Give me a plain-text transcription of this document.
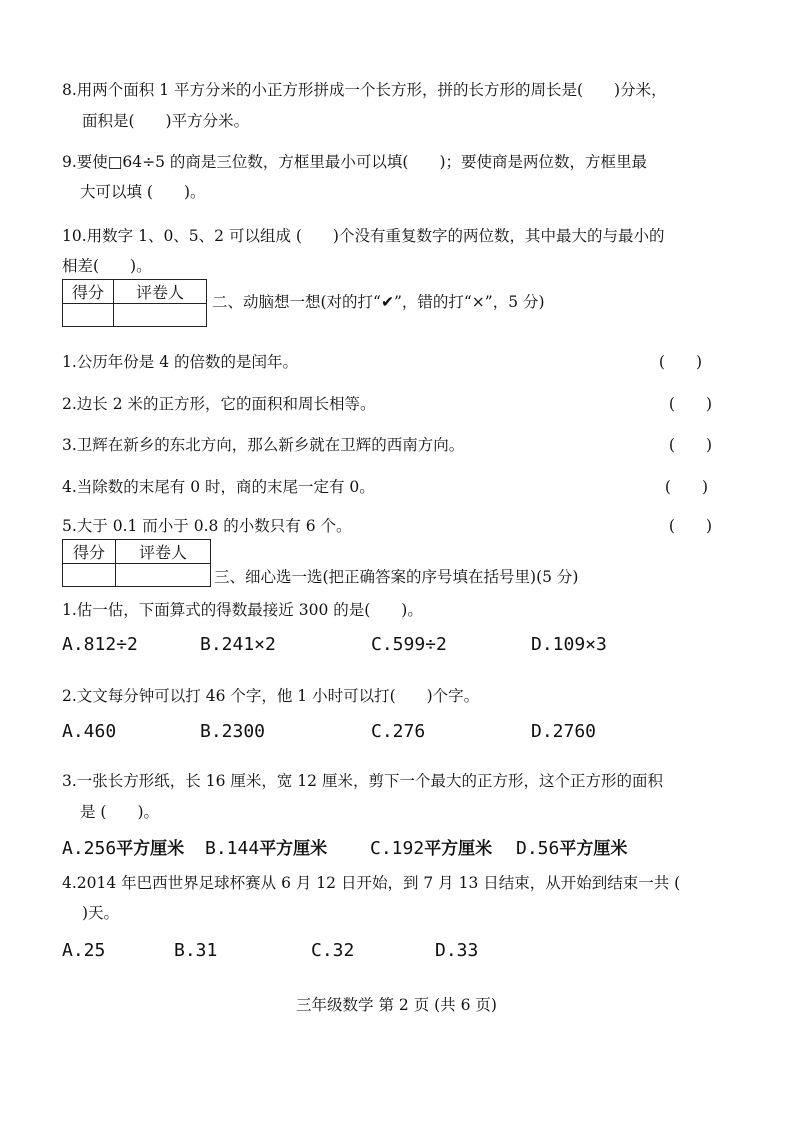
8.用两个面积 1 平方分米的小正方形拼成一个长方形，拼的长方形的周长是(　　)分米，
面积是(　　)平方分米。
9.要使□64÷5 的商是三位数，方框里最小可以填(　　)；要使商是两位数，方框里最
大可以填 (　　)。
10.用数字 1、0、5、2 可以组成 (　　)个没有重复数字的两位数，其中最大的与最小的
相差(　　)。
得分	评卷人
	二、动脑想一想(对的打“✔”，错的打“×”，5 分)
1.公历年份是 4 的倍数的是闰年。	(　　)
2.边长 2 米的正方形，它的面积和周长相等。	(　　)
3.卫辉在新乡的东北方向，那么新乡就在卫辉的西南方向。	(　　)
4.当除数的末尾有 0 时，商的末尾一定有 0。	(　　)
5.大于 0.1 而小于 0.8 的小数只有 6 个。	(　　)
得分	评卷人

三、细心选一选(把正确答案的序号填在括号里)(5 分)
1.估一估，下面算式的得数最接近 300 的是(　　)。
A.812÷2	B.241×2	C.599÷2	D.109×3
2.文文每分钟可以打 46 个字，他 1 小时可以打(　　)个字。
A.460	B.2300	C.276	D.2760
3.一张长方形纸，长 16 厘米，宽 12 厘米，剪下一个最大的正方形，这个正方形的面积
是 (　　)。
A.256平方厘米 B.144平方厘米 C.192平方厘米 D.56平方厘米
4.2014 年巴西世界足球杯赛从 6 月 12 日开始，到 7 月 13 日结束，从开始到结束一共 (
)天。
A.25	B.31	C.32	D.33
三年级数学 第 2 页 (共 6 页)
